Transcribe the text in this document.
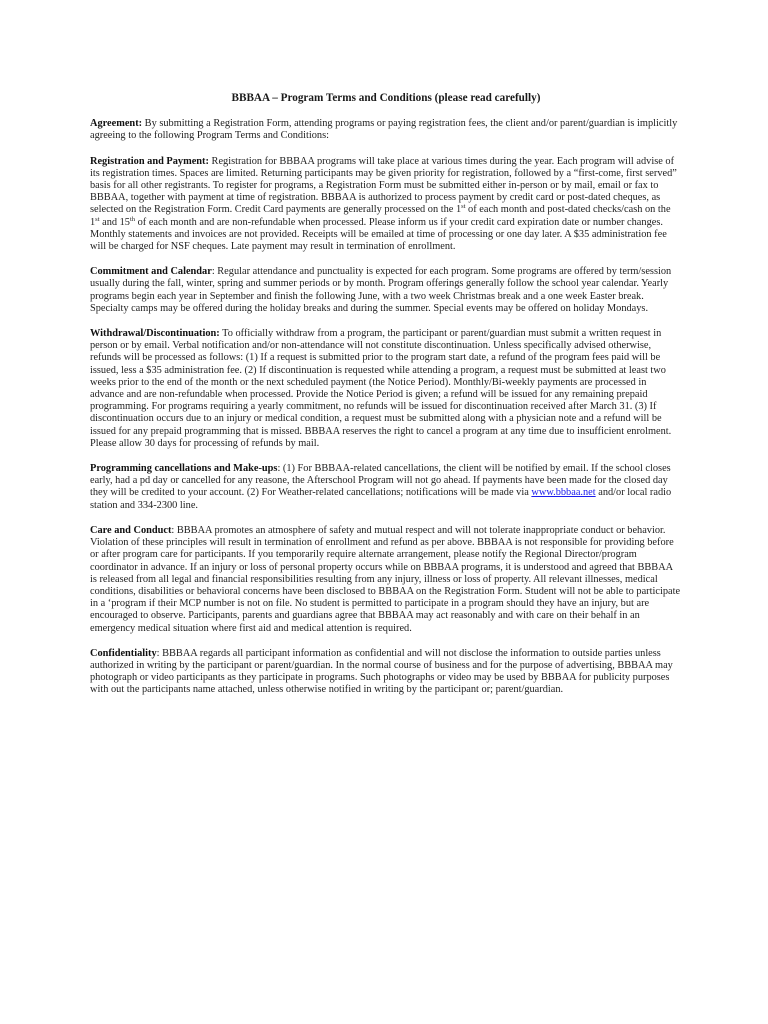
BBBAA – Program Terms and Conditions (please read carefully)

Agreement: By submitting a Registration Form, attending programs or paying registration fees, the client and/or parent/guardian is implicitly agreeing to the following Program Terms and Conditions:

Registration and Payment: Registration for BBBAA programs will take place at various times during the year. Each program will advise of its registration times. Spaces are limited. Returning participants may be given priority for registration, followed by a “first-come, first served” basis for all other registrants. To register for programs, a Registration Form must be submitted either in-person or by mail, email or fax to BBBAA, together with payment at time of registration. BBBAA is authorized to process payment by credit card or post-dated cheques, as selected on the Registration Form. Credit Card payments are generally processed on the 1st of each month and post-dated checks/cash on the 1st and 15th of each month and are non-refundable when processed. Please inform us if your credit card expiration date or number changes. Monthly statements and invoices are not provided. Receipts will be emailed at time of processing or one day later. A $35 administration fee will be charged for NSF cheques. Late payment may result in termination of enrollment.

Commitment and Calendar: Regular attendance and punctuality is expected for each program. Some programs are offered by term/session usually during the fall, winter, spring and summer periods or by month. Program offerings generally follow the school year calendar. Yearly programs begin each year in September and finish the following June, with a two week Christmas break and a one week Easter break. Specialty camps may be offered during the holiday breaks and during the summer. Special events may be offered on holiday Mondays.

Withdrawal/Discontinuation: To officially withdraw from a program, the participant or parent/guardian must submit a written request in person or by email. Verbal notification and/or non-attendance will not constitute discontinuation. Unless specifically advised otherwise, refunds will be processed as follows: (1) If a request is submitted prior to the program start date, a refund of the program fees paid will be issued, less a $35 administration fee. (2) If discontinuation is requested while attending a program, a request must be submitted at least two weeks prior to the end of the month or the next scheduled payment (the Notice Period). Monthly/Bi-weekly payments are processed in advance and are non-refundable when processed. Provide the Notice Period is given; a refund will be issued for any remaining prepaid programming. For programs requiring a yearly commitment, no refunds will be issued for discontinuation received after March 31. (3) If discontinuation occurs due to an injury or medical condition, a request must be submitted along with a physician note and a refund will be issued for any prepaid programming that is missed. BBBAA reserves the right to cancel a program at any time due to insufficient enrolment. Please allow 30 days for processing of refunds by mail.

Programming cancellations and Make-ups: (1) For BBBAA-related cancellations, the client will be notified by email. If the school closes early, had a pd day or cancelled for any reasone, the Afterschool Program will not go ahead. If payments have been made for the closed day they will be credited to your account. (2) For Weather-related cancellations; notifications will be made via www.bbbaa.net and/or local radio station and 334-2300 line.

Care and Conduct: BBBAA promotes an atmosphere of safety and mutual respect and will not tolerate inappropriate conduct or behavior. Violation of these principles will result in termination of enrollment and refund as per above. BBBAA is not responsible for providing before or after program care for participants. If you temporarily require alternate arrangement, please notify the Regional Director/program coordinator in advance. If an injury or loss of personal property occurs while on BBBAA programs, it is understood and agreed that BBBAA is released from all legal and financial responsibilities resulting from any injury, illness or loss of property. All relevant illnesses, medical conditions, disabilities or behavioral concerns have been disclosed to BBBAA on the Registration Form. Student will not be able to participate in a ‘program if their MCP number is not on file. No student is permitted to participate in a program should they have an injury, but are encouraged to observe. Participants, parents and guardians agree that BBBAA may act reasonably and with care on their behalf in an emergency medical situation where first aid and medical attention is required.

Confidentiality: BBBAA regards all participant information as confidential and will not disclose the information to outside parties unless authorized in writing by the participant or parent/guardian. In the normal course of business and for the purpose of advertising, BBBAA may photograph or video participants as they participate in programs. Such photographs or video may be used by BBBAA for publicity purposes with out the participants name attached, unless otherwise notified in writing by the participant or; parent/guardian.
